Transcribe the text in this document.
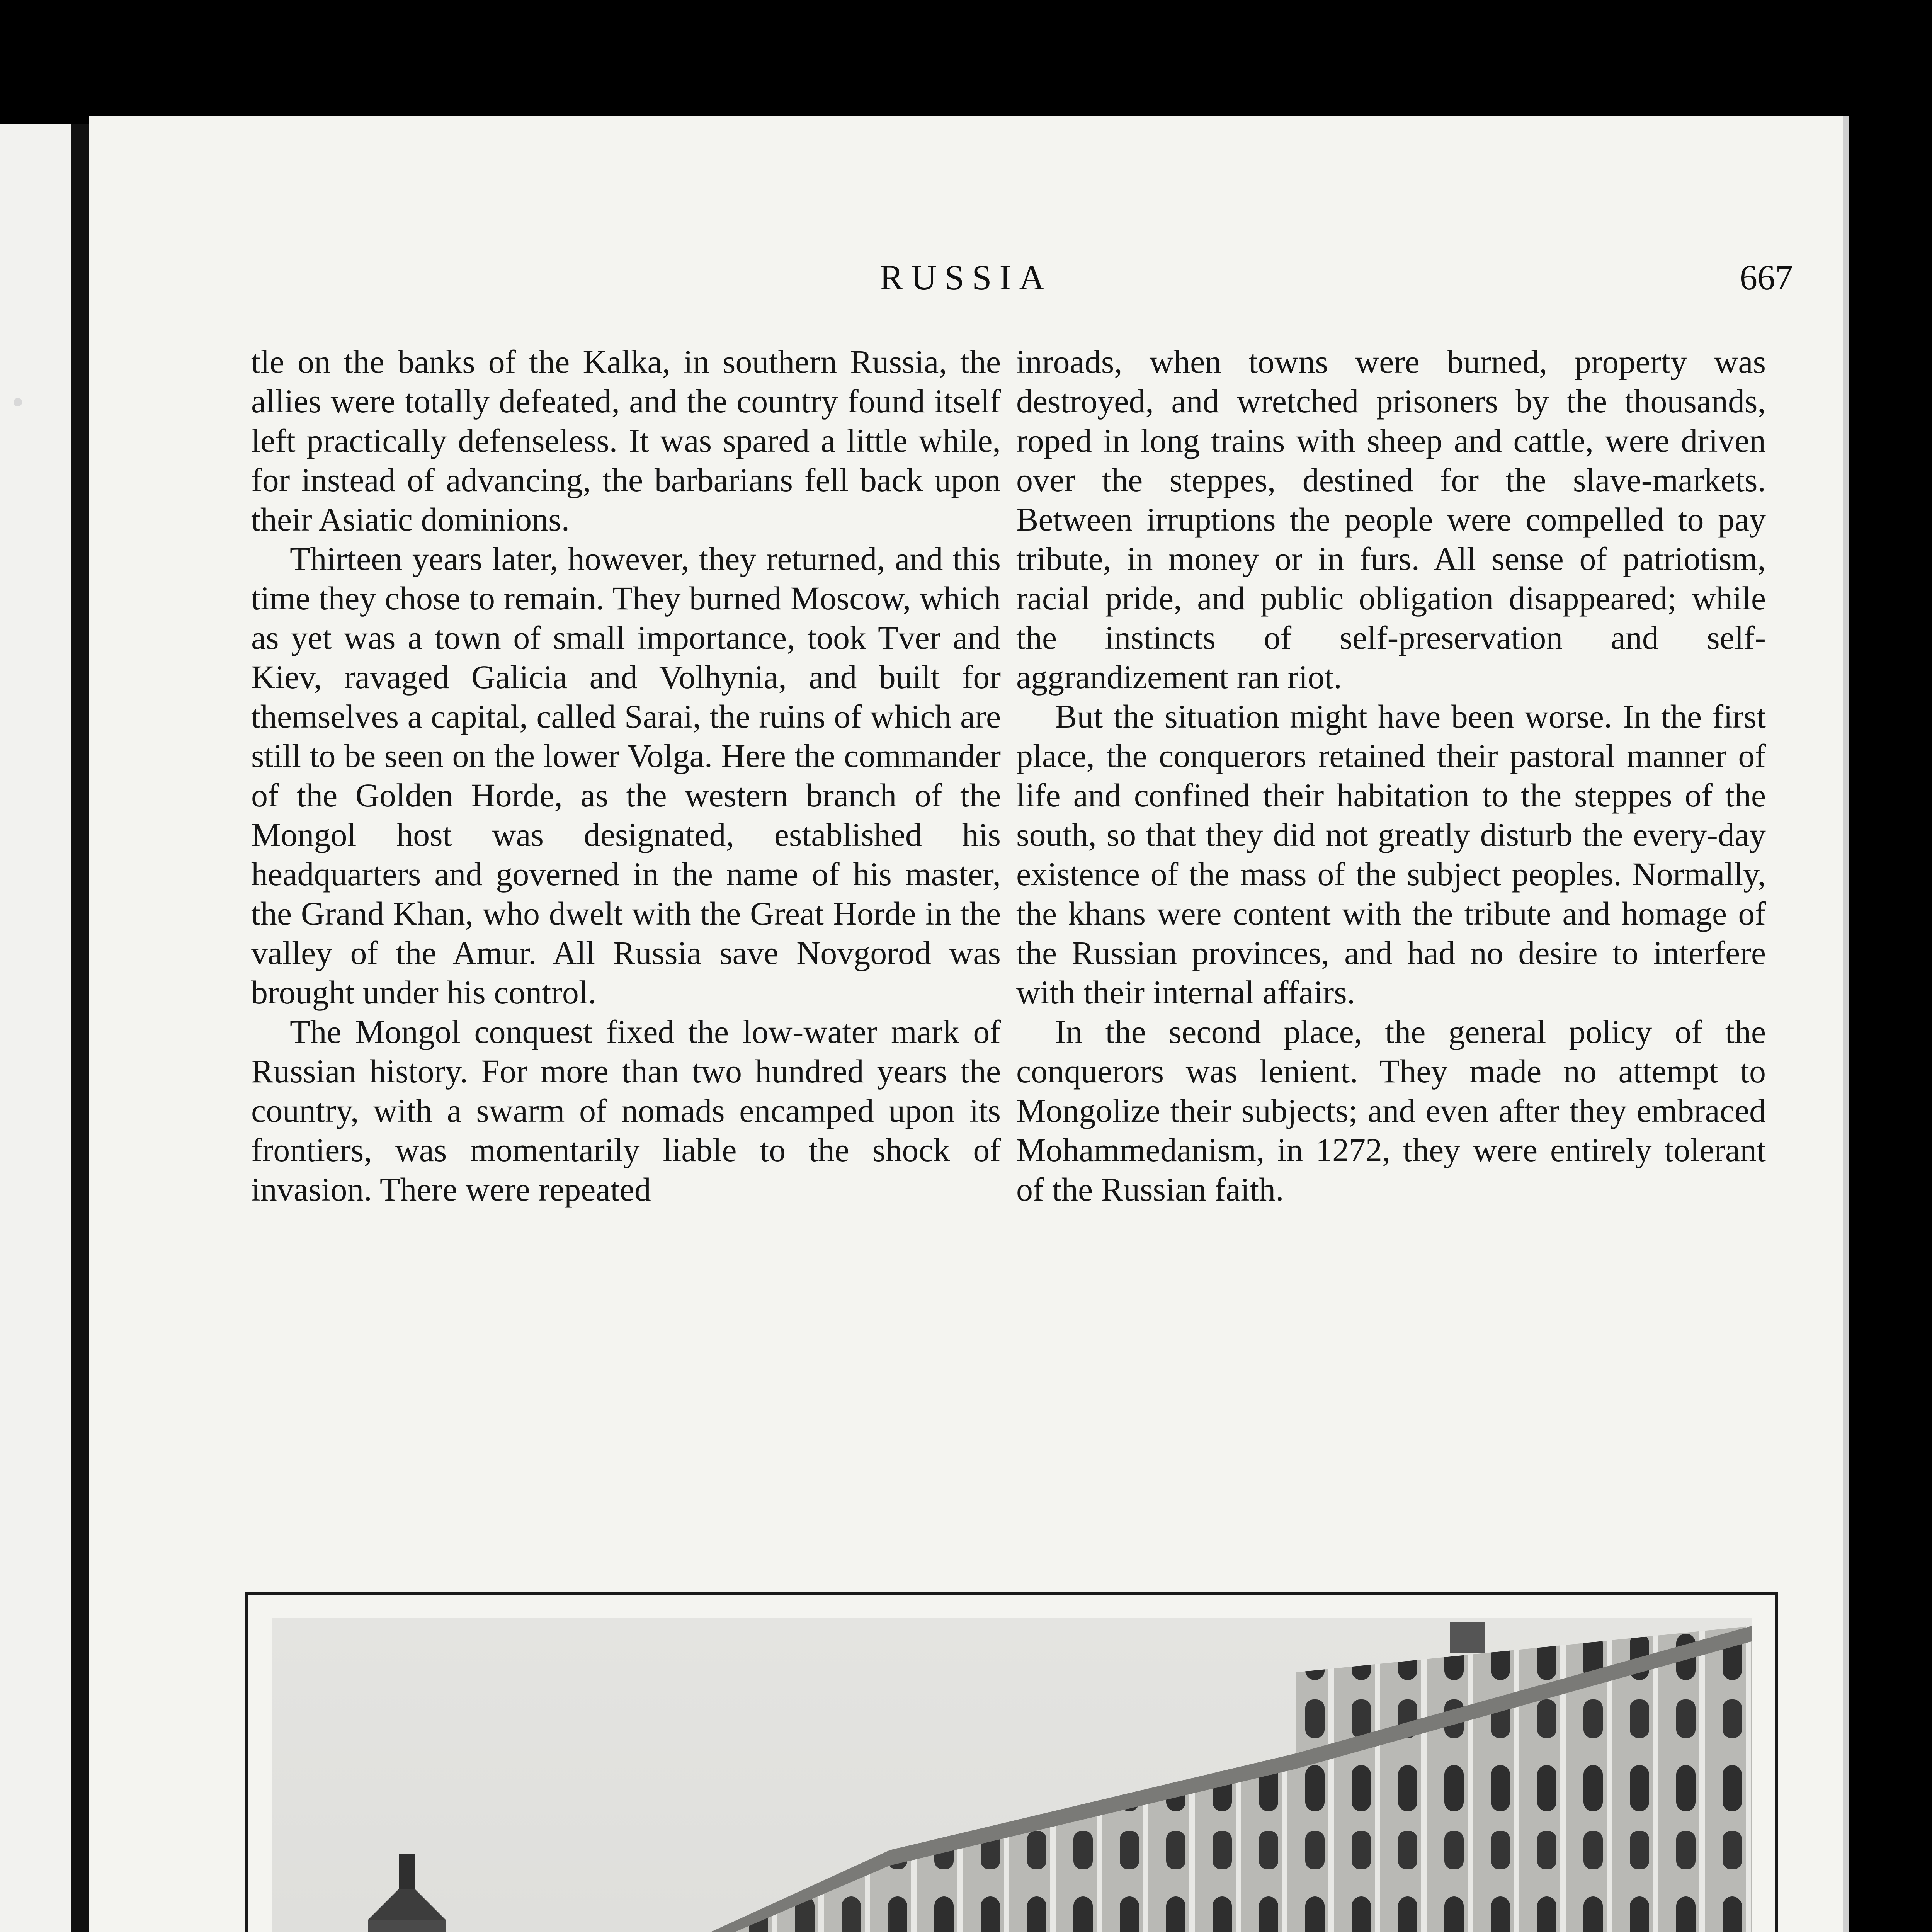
RUSSIA	667

tle on the banks of the Kalka, in southern Russia, the allies were totally defeated, and the country found itself left practically defenseless. It was spared a little while, for instead of advancing, the barbarians fell back upon their Asiatic dominions.

Thirteen years later, however, they returned, and this time they chose to remain. They burned Moscow, which as yet was a town of small importance, took Tver and Kiev, ravaged Galicia and Volhynia, and built for themselves a capital, called Sarai, the ruins of which are still to be seen on the lower Volga. Here the commander of the Golden Horde, as the western branch of the Mongol host was designated, established his headquarters and governed in the name of his master, the Grand Khan, who dwelt with the Great Horde in the valley of the Amur. All Russia save Novgorod was brought under his control.

The Mongol conquest fixed the low-water mark of Russian history. For more than two hundred years the country, with a swarm of nomads encamped upon its frontiers, was momentarily liable to the shock of invasion. There were repeated

inroads, when towns were burned, property was destroyed, and wretched prisoners by the thousands, roped in long trains with sheep and cattle, were driven over the steppes, destined for the slave-markets. Between irruptions the people were compelled to pay tribute, in money or in furs. All sense of patriotism, racial pride, and public obligation disappeared; while the instincts of self-preservation and self-aggrandizement ran riot.

But the situation might have been worse. In the first place, the conquerors retained their pastoral manner of life and confined their habitation to the steppes of the south, so that they did not greatly disturb the every-day existence of the mass of the subject peoples. Normally, the khans were content with the tribute and homage of the Russian provinces, and had no desire to interfere with their internal affairs.

In the second place, the general policy of the conquerors was lenient. They made no attempt to Mongolize their subjects; and even after they embraced Mohammedanism, in 1272, they were entirely tolerant of the Russian faith.
